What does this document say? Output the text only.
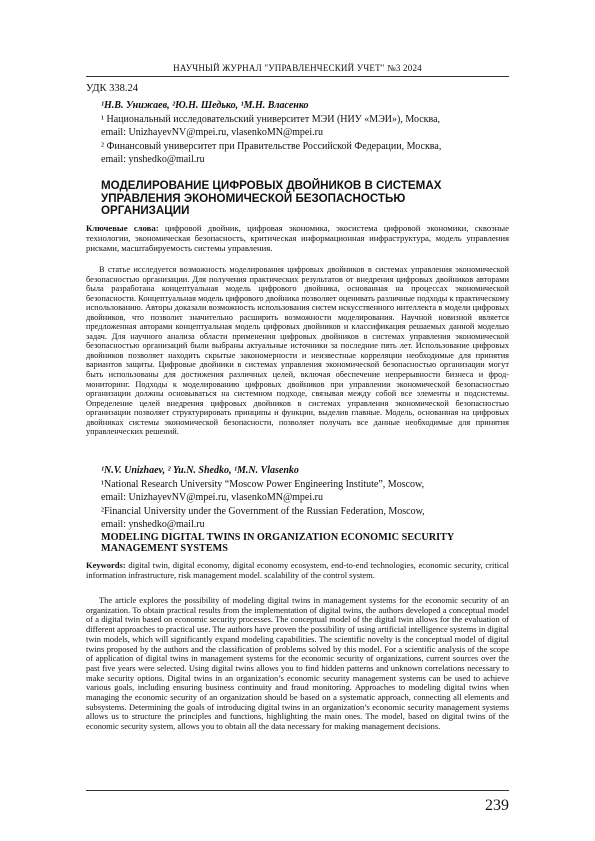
НАУЧНЫЙ ЖУРНАЛ "УПРАВЛЕНЧЕСКИЙ УЧЕТ" №3 2024
УДК 338.24
¹Н.В. Унижаев, ²Ю.Н. Шедько, ¹М.Н. Власенко

¹ Национальный исследовательский университет МЭИ (НИУ «МЭИ»), Москва,

email: UnizhayevNV@mpei.ru, vlasenkoMN@mpei.ru

² Финансовый университет при Правительстве Российской Федерации, Москва,

email: ynshedko@mail.ru

МОДЕЛИРОВАНИЕ ЦИФРОВЫХ ДВОЙНИКОВ В СИСТЕМАХ УПРАВЛЕНИЯ ЭКОНОМИЧЕСКОЙ БЕЗОПАСНОСТЬЮ ОРГАНИЗАЦИИ
Ключевые слова: цифровой двойник, цифровая экономика, экосистема цифровой экономики, сквозные технологии, экономическая безопасность, критическая информационная инфраструктура, модель управления рисками, масштабируемость системы управления.

В статье исследуется возможность моделирования цифровых двойников в системах управления экономической безопасностью организации. Для получения практических результатов от внедрения цифровых двойников авторами была разработана концептуальная модель цифрового двойника, основанная на процессах экономической безопасности. Концептуальная модель цифрового двойника позволяет оценивать различные подходы к практическому использованию. Авторы доказали возможность использования систем искусственного интеллекта в модели цифровых двойников, что позволит значительно расширить возможности моделирования. Научной новизной является предложенная авторами концептуальная модель цифровых двойников и классификация решаемых данной моделью задач. Для научного анализа области применения цифровых двойников в системах управления экономической безопасностью организаций были выбраны актуальные источники за последние пять лет. Использование цифровых двойников позволяет находить скрытые закономерности и неизвестные корреляции необходимые для принятия вариантов защиты. Цифровые двойники в системах управления экономической безопасностью организации могут быть использованы для достижения различных целей, включая обеспечение непрерывности бизнеса и фрод-мониторинг. Подходы к моделированию цифровых двойников при управлении экономической безопасностью организации должны основываться на системном подходе, связывая между собой все элементы и подсистемы. Определение целей внедрения цифровых двойников в системах управления экономической безопасностью организации позволяет структурировать принципы и функции, выделив главные. Модель, основанная на цифровых двойниках системы экономической безопасности, позволяет получать все данные необходимые для принятия управленческих решений.

¹N.V. Unizhaev, ² Yu.N. Shedko, ¹M.N. Vlasenko

¹National Research University “Moscow Power Engineering Institute”, Moscow,

email: UnizhayevNV@mpei.ru, vlasenkoMN@mpei.ru

²Financial University under the Government of the Russian Federation, Moscow,

email: ynshedko@mail.ru

MODELING DIGITAL TWINS IN ORGANIZATION ECONOMIC SECURITY MANAGEMENT SYSTEMS
Keywords: digital twin, digital economy, digital economy ecosystem, end-to-end technologies, economic security, critical information infrastructure, risk management model. scalability of the control system.

The article explores the possibility of modeling digital twins in management systems for the economic security of an organization. To obtain practical results from the implementation of digital twins, the authors developed a conceptual model of a digital twin based on economic security processes. The conceptual model of the digital twin allows for the evaluation of different approaches to practical use. The authors have proven the possibility of using artificial intelligence systems in digital twin models, which will significantly expand modeling capabilities. The scientific novelty is the conceptual model of digital twins proposed by the authors and the classification of problems solved by this model. For a scientific analysis of the scope of application of digital twins in management systems for the economic security of organizations, current sources over the past five years were selected. Using digital twins allows you to find hidden patterns and unknown correlations necessary to make security options. Digital twins in an organization’s economic security management systems can be used to achieve various goals, including ensuring business continuity and fraud monitoring. Approaches to modeling digital twins when managing the economic security of an organization should be based on a systematic approach, connecting all elements and subsystems. Determining the goals of introducing digital twins in an organization’s economic security management systems allows us to structure the principles and functions, highlighting the main ones. The model, based on digital twins of the economic security system, allows you to obtain all the data necessary for making management decisions.

239
